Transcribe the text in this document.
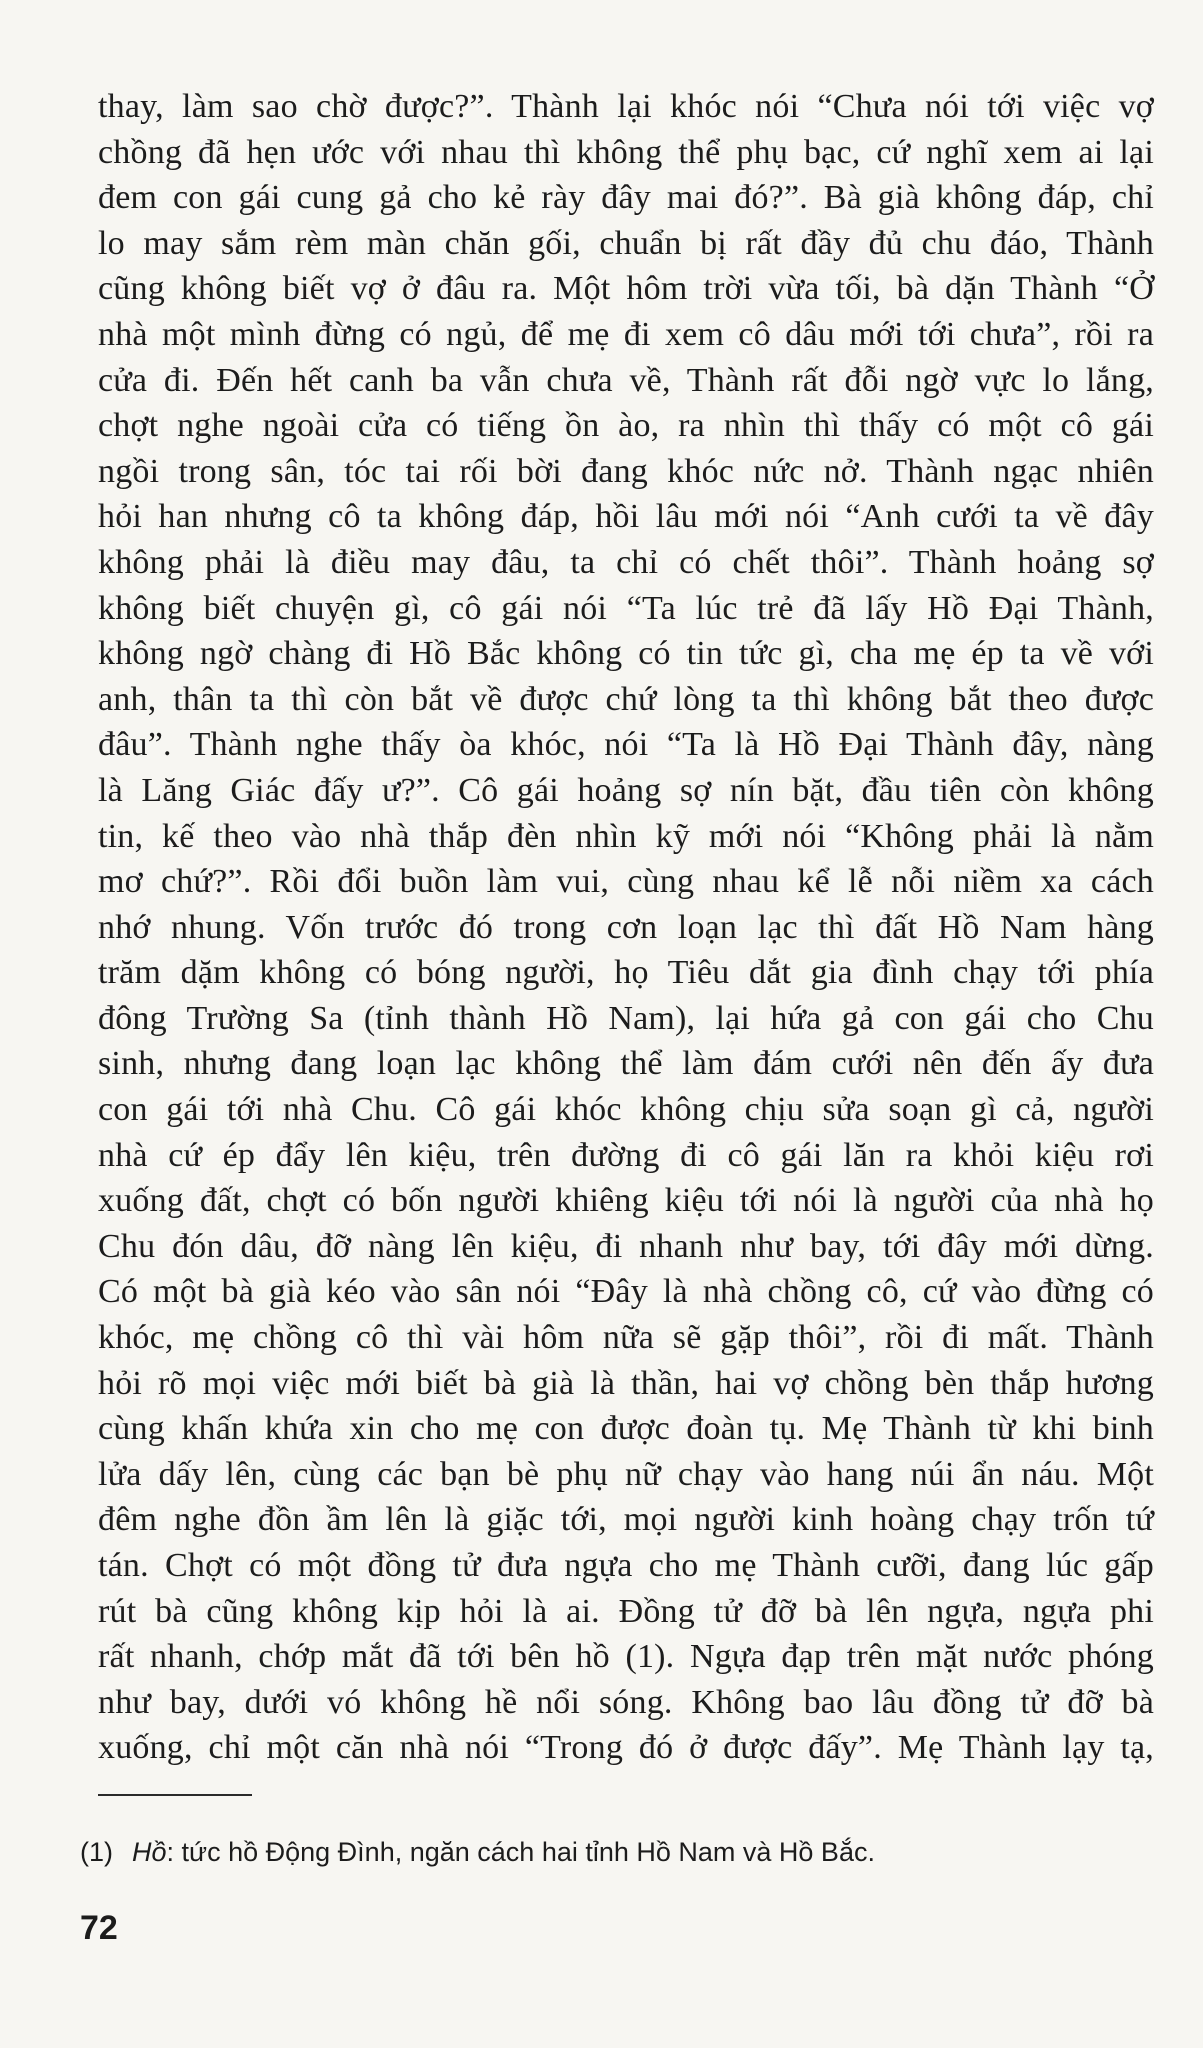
thay, làm sao chờ được?”. Thành lại khóc nói “Chưa nói tới việc vợ
chồng đã hẹn ước với nhau thì không thể phụ bạc, cứ nghĩ xem ai lại
đem con gái cung gả cho kẻ rày đây mai đó?”. Bà già không đáp, chỉ
lo may sắm rèm màn chăn gối, chuẩn bị rất đầy đủ chu đáo, Thành
cũng không biết vợ ở đâu ra. Một hôm trời vừa tối, bà dặn Thành “Ở
nhà một mình đừng có ngủ, để mẹ đi xem cô dâu mới tới chưa”, rồi ra
cửa đi. Đến hết canh ba vẫn chưa về, Thành rất đỗi ngờ vực lo lắng,
chợt nghe ngoài cửa có tiếng ồn ào, ra nhìn thì thấy có một cô gái
ngồi trong sân, tóc tai rối bời đang khóc nức nở. Thành ngạc nhiên
hỏi han nhưng cô ta không đáp, hồi lâu mới nói “Anh cưới ta về đây
không phải là điều may đâu, ta chỉ có chết thôi”. Thành hoảng sợ
không biết chuyện gì, cô gái nói “Ta lúc trẻ đã lấy Hồ Đại Thành,
không ngờ chàng đi Hồ Bắc không có tin tức gì, cha mẹ ép ta về với
anh, thân ta thì còn bắt về được chứ lòng ta thì không bắt theo được
đâu”. Thành nghe thấy òa khóc, nói “Ta là Hồ Đại Thành đây, nàng
là Lăng Giác đấy ư?”. Cô gái hoảng sợ nín bặt, đầu tiên còn không
tin, kế theo vào nhà thắp đèn nhìn kỹ mới nói “Không phải là nằm
mơ chứ?”. Rồi đổi buồn làm vui, cùng nhau kể lễ nỗi niềm xa cách
nhớ nhung. Vốn trước đó trong cơn loạn lạc thì đất Hồ Nam hàng
trăm dặm không có bóng người, họ Tiêu dắt gia đình chạy tới phía
đông Trường Sa (tỉnh thành Hồ Nam), lại hứa gả con gái cho Chu
sinh, nhưng đang loạn lạc không thể làm đám cưới nên đến ấy đưa
con gái tới nhà Chu. Cô gái khóc không chịu sửa soạn gì cả, người
nhà cứ ép đẩy lên kiệu, trên đường đi cô gái lăn ra khỏi kiệu rơi
xuống đất, chợt có bốn người khiêng kiệu tới nói là người của nhà họ
Chu đón dâu, đỡ nàng lên kiệu, đi nhanh như bay, tới đây mới dừng.
Có một bà già kéo vào sân nói “Đây là nhà chồng cô, cứ vào đừng có
khóc, mẹ chồng cô thì vài hôm nữa sẽ gặp thôi”, rồi đi mất. Thành
hỏi rõ mọi việc mới biết bà già là thần, hai vợ chồng bèn thắp hương
cùng khấn khứa xin cho mẹ con được đoàn tụ. Mẹ Thành từ khi binh
lửa dấy lên, cùng các bạn bè phụ nữ chạy vào hang núi ẩn náu. Một
đêm nghe đồn ầm lên là giặc tới, mọi người kinh hoàng chạy trốn tứ
tán. Chợt có một đồng tử đưa ngựa cho mẹ Thành cưỡi, đang lúc gấp
rút bà cũng không kịp hỏi là ai. Đồng tử đỡ bà lên ngựa, ngựa phi
rất nhanh, chớp mắt đã tới bên hồ (1). Ngựa đạp trên mặt nước phóng
như bay, dưới vó không hề nổi sóng. Không bao lâu đồng tử đỡ bà
xuống, chỉ một căn nhà nói “Trong đó ở được đấy”. Mẹ Thành lạy tạ,
(1) Hồ: tức hồ Động Đình, ngăn cách hai tỉnh Hồ Nam và Hồ Bắc.
72
